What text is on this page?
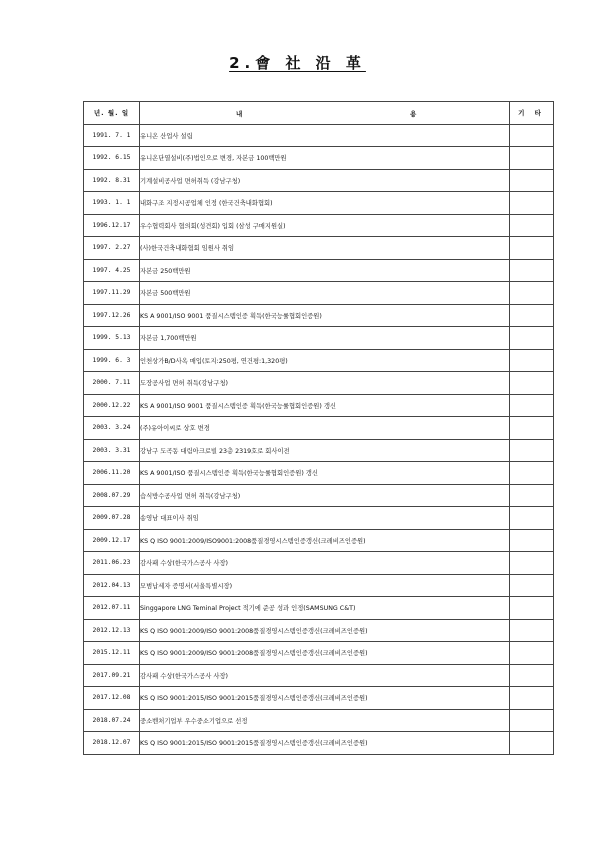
2.會 社 沿 革
년. 월. 일	내 용	기 타
1991. 7. 1	유니온 산업사 설립	
1992. 6.15	유니온단열설비(주)법인으로 변경, 자본금 100백만원	
1992. 8.31	기계설비공사업 면허취득 (강남구청)	
1993. 1. 1	내화구조 지정시공업체 인정 (한국건축내화협회)	
1996.12.17	우수협력회사 협의회(성견회) 입회 (삼성 구매지원실)	
1997. 2.27	(사)한국건축내화협회 임원사 취임	
1997. 4.25	자본금 250백만원	
1997.11.29	자본금 500백만원	
1997.12.26	KS A 9001/ISO 9001 품질시스템인증 획득(한국능률협회인증원)	
1999. 5.13	자본금 1,700백만원	
1999. 6. 3	인천상가B/D사옥 매입(토지:250평, 연건평:1,320평)	
2000. 7.11	도장공사업 면허 취득(강남구청)	
2000.12.22	KS A 9001/ISO 9001 품질시스템인증 획득(한국능률협회인증원) 갱신	
2003. 3.24	(주)유아이씨로 상호 변경	
2003. 3.31	강남구 도곡동 대림아크로빌 23층 2319호로 회사이전	
2006.11.20	KS A 9001/ISO 품질시스템인증 획득(한국능률협회인증원) 갱신	
2008.07.29	습식방수공사업 면허 취득(강남구청)	
2009.07.28	송영남 대표이사 취임	
2009.12.17	KS Q ISO 9001:2009/ISO9001:2008품질경영시스템인증갱신(크레비즈인증원)	
2011.06.23	감사패 수상(한국가스공사 사장)	
2012.04.13	모범납세자 증명서(서울특별시장)	
2012.07.11	Singgapore LNG Teminal Project 적기에 준공 성과 인정(SAMSUNG C&T)	
2012.12.13	KS Q ISO 9001:2009/ISO 9001:2008품질경영시스템인증갱신(크레비즈인증원)	
2015.12.11	KS Q ISO 9001:2009/ISO 9001:2008품질경영시스템인증갱신(크레비즈인증원)	
2017.09.21	감사패 수상(한국가스공사 사장)	
2017.12.08	KS Q ISO 9001:2015/ISO 9001:2015품질경영시스템인증갱신(크레비즈인증원)	
2018.07.24	중소벤처기업부 우수중소기업으로 선정	
2018.12.07	KS Q ISO 9001:2015/ISO 9001:2015품질경영시스템인증갱신(크레비즈인증원)	
